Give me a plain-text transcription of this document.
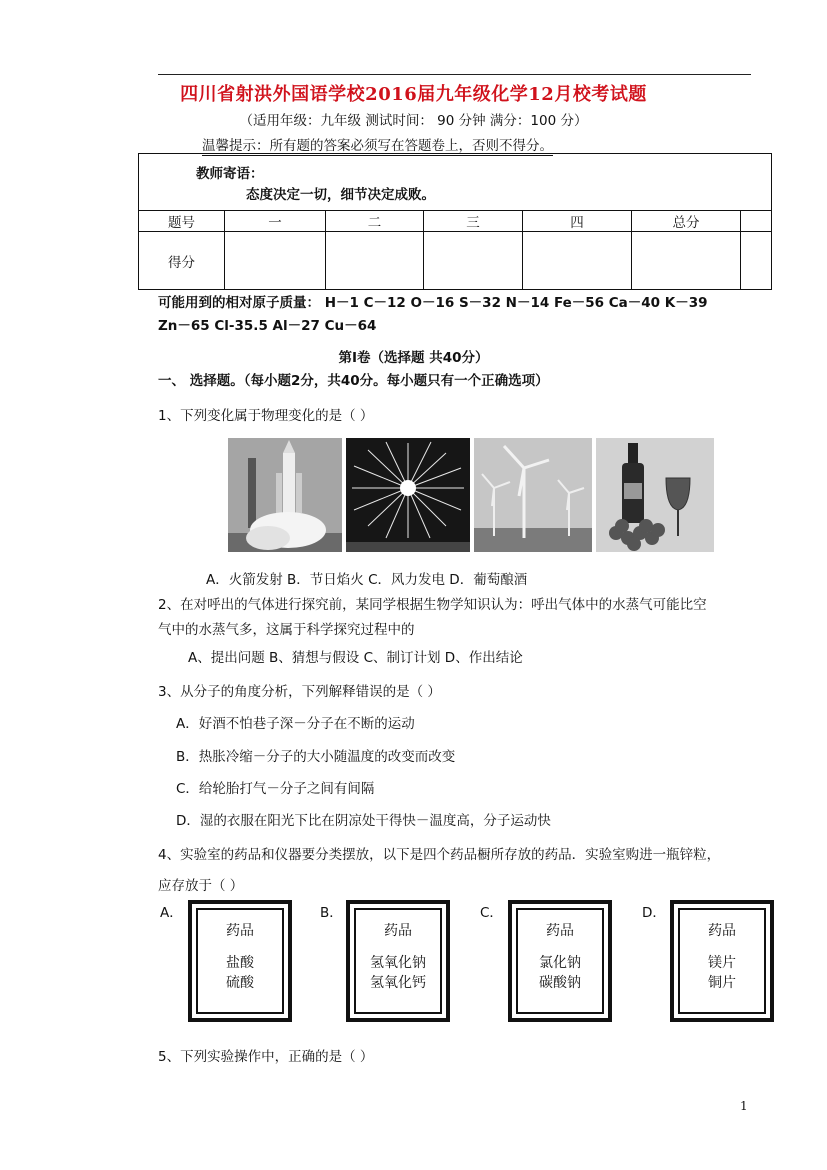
四川省射洪外国语学校2016届九年级化学12月校考试题
（适用年级：九年级 测试时间： 90 分钟 满分：100 分）
温馨提示：所有题的答案必须写在答题卷上，否则不得分。
教师寄语：
态度决定一切，细节决定成败。
题号	一	二	三	四	总分	
得分						
可能用到的相对原子质量： H－1 C－12 O－16 S－32 N－14 Fe－56 Ca－40 K－39
Zn－65 Cl-35.5 Al－27 Cu－64
第Ⅰ卷（选择题 共40分）
一、 选择题。（每小题2分，共40分。每小题只有一个正确选项）
1、下列变化属于物理变化的是（ ）
A．火箭发射 B．节日焰火 C．风力发电 D．葡萄酿酒
2、在对呼出的气体进行探究前，某同学根据生物学知识认为：呼出气体中的水蒸气可能比空
气中的水蒸气多，这属于科学探究过程中的
A、提出问题 B、猜想与假设 C、制订计划 D、作出结论
3、从分子的角度分析，下列解释错误的是（ ）
A．好酒不怕巷子深－分子在不断的运动
B．热胀冷缩－分子的大小随温度的改变而改变
C．给轮胎打气－分子之间有间隔
D．湿的衣服在阳光下比在阴凉处干得快－温度高，分子运动快
4、实验室的药品和仪器要分类摆放，以下是四个药品橱所存放的药品．实验室购进一瓶锌粒，
应存放于（ ）
A．
药品
盐酸
硫酸
B．
药品
氢氧化钠
氢氧化钙
C．
药品
氯化钠
碳酸钠
D．
药品
镁片
铜片
5、下列实验操作中，正确的是（ ）
1
